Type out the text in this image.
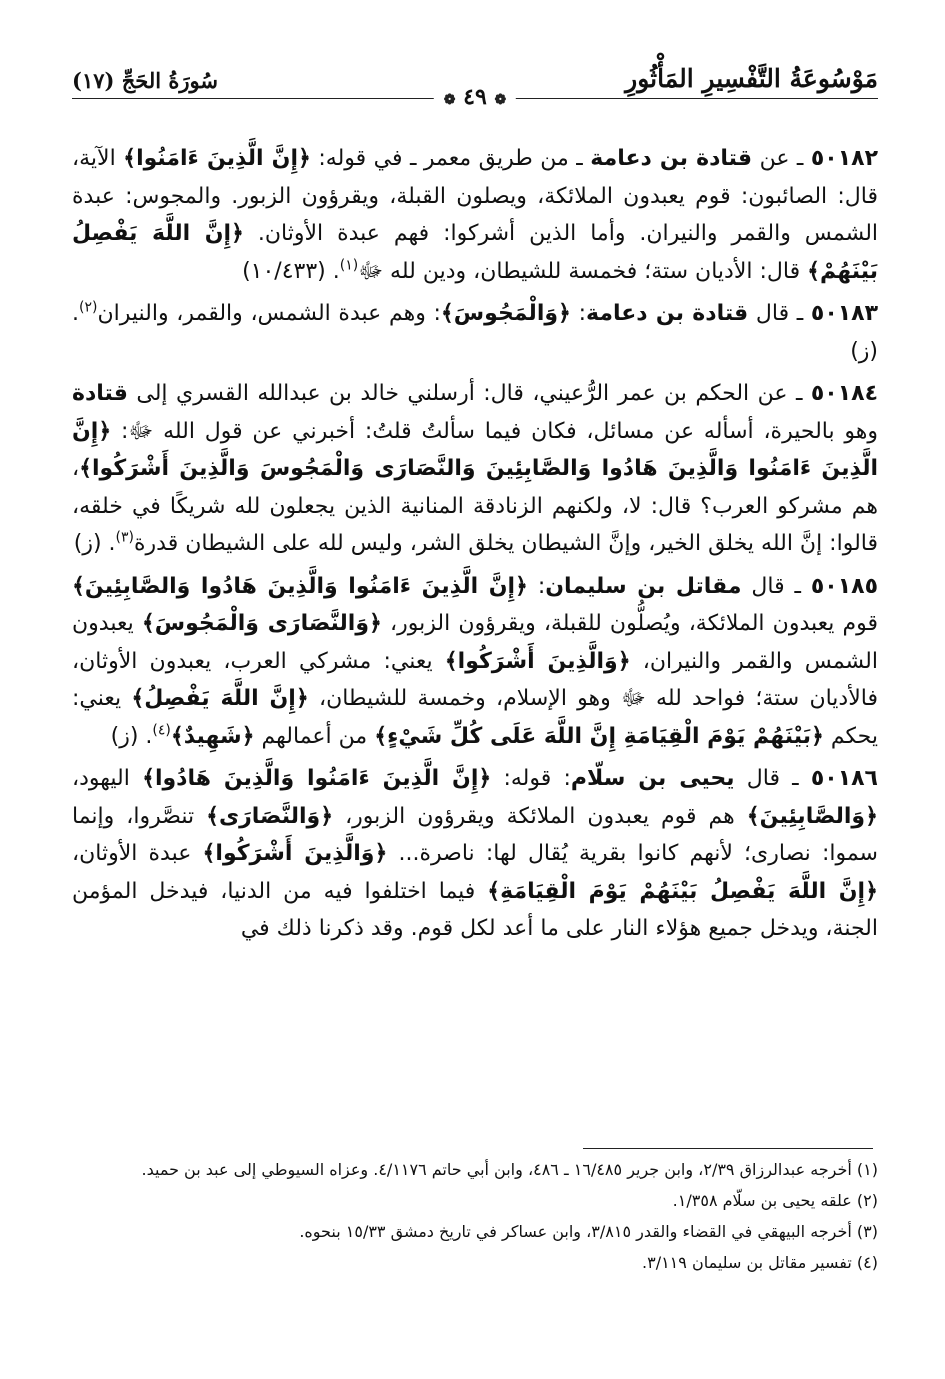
مَوْسُوعَةُ التَّفْسِيرِ المَأْثُورِ
سُورَةُ الحَجِّ (١٧)
❁ ٤٩ ❁

٥٠١٨٢ ـ عن قتادة بن دعامة ـ من طريق معمر ـ في قوله: ﴿إِنَّ الَّذِينَ ءَامَنُوا﴾ الآية، قال: الصائبون: قوم يعبدون الملائكة، ويصلون القبلة، ويقرؤون الزبور. والمجوس: عبدة الشمس والقمر والنيران. وأما الذين أشركوا: فهم عبدة الأوثان. ﴿إِنَّ اللَّهَ يَفْصِلُ بَيْنَهُمْ﴾ قال: الأديان ستة؛ فخمسة للشيطان، ودين لله ﷻ$^{(١)}$. (١٠/٤٣٣)

٥٠١٨٣ ـ قال قتادة بن دعامة: ﴿وَالْمَجُوسَ﴾: وهم عبدة الشمس، والقمر، والنيران$^{(٢)}$. (ز)

٥٠١٨٤ ـ عن الحكم بن عمر الرُّعيني، قال: أرسلني خالد بن عبدالله القسري إلى قتادة وهو بالحيرة، أسأله عن مسائل، فكان فيما سألتُ قلتُ: أخبرني عن قول الله ﷻ: ﴿إِنَّ الَّذِينَ ءَامَنُوا وَالَّذِينَ هَادُوا وَالصَّابِئِينَ وَالنَّصَارَى وَالْمَجُوسَ وَالَّذِينَ أَشْرَكُوا﴾، هم مشركو العرب؟ قال: لا، ولكنهم الزنادقة المنانية الذين يجعلون لله شريكًا في خلقه، قالوا: إنَّ الله يخلق الخير، وإنَّ الشيطان يخلق الشر، وليس لله على الشيطان قدرة$^{(٣)}$. (ز)

٥٠١٨٥ ـ قال مقاتل بن سليمان: ﴿إِنَّ الَّذِينَ ءَامَنُوا وَالَّذِينَ هَادُوا وَالصَّابِئِينَ﴾ قوم يعبدون الملائكة، ويُصلُّون للقبلة، ويقرؤون الزبور، ﴿وَالنَّصَارَى وَالْمَجُوسَ﴾ يعبدون الشمس والقمر والنيران، ﴿وَالَّذِينَ أَشْرَكُوا﴾ يعني: مشركي العرب، يعبدون الأوثان، فالأديان ستة؛ فواحد لله ﷻ وهو الإسلام، وخمسة للشيطان، ﴿إِنَّ اللَّهَ يَفْصِلُ﴾ يعني: يحكم ﴿بَيْنَهُمْ يَوْمَ الْقِيَامَةِ إِنَّ اللَّهَ عَلَى كُلِّ شَيْءٍ﴾ من أعمالهم ﴿شَهِيدٌ﴾$^{(٤)}$. (ز)

٥٠١٨٦ ـ قال يحيى بن سلّام: قوله: ﴿إِنَّ الَّذِينَ ءَامَنُوا وَالَّذِينَ هَادُوا﴾ اليهود، ﴿وَالصَّابِئِينَ﴾ هم قوم يعبدون الملائكة ويقرؤون الزبور، ﴿وَالنَّصَارَى﴾ تنصَّروا، وإنما سموا: نصارى؛ لأنهم كانوا بقرية يُقال لها: ناصرة... ﴿وَالَّذِينَ أَشْرَكُوا﴾ عبدة الأوثان، ﴿إِنَّ اللَّهَ يَفْصِلُ بَيْنَهُمْ يَوْمَ الْقِيَامَةِ﴾ فيما اختلفوا فيه من الدنيا، فيدخل المؤمن الجنة، ويدخل جميع هؤلاء النار على ما أعد لكل قوم. وقد ذكرنا ذلك في

(١) أخرجه عبدالرزاق ٢/٣٩، وابن جرير ١٦/٤٨٥ ـ ٤٨٦، وابن أبي حاتم ٤/١١٧٦. وعزاه السيوطي إلى عبد بن حميد.

(٢) علقه يحيى بن سلّام ١/٣٥٨.

(٣) أخرجه البيهقي في القضاء والقدر ٣/٨١٥، وابن عساكر في تاريخ دمشق ١٥/٣٣ بنحوه.

(٤) تفسير مقاتل بن سليمان ٣/١١٩.
